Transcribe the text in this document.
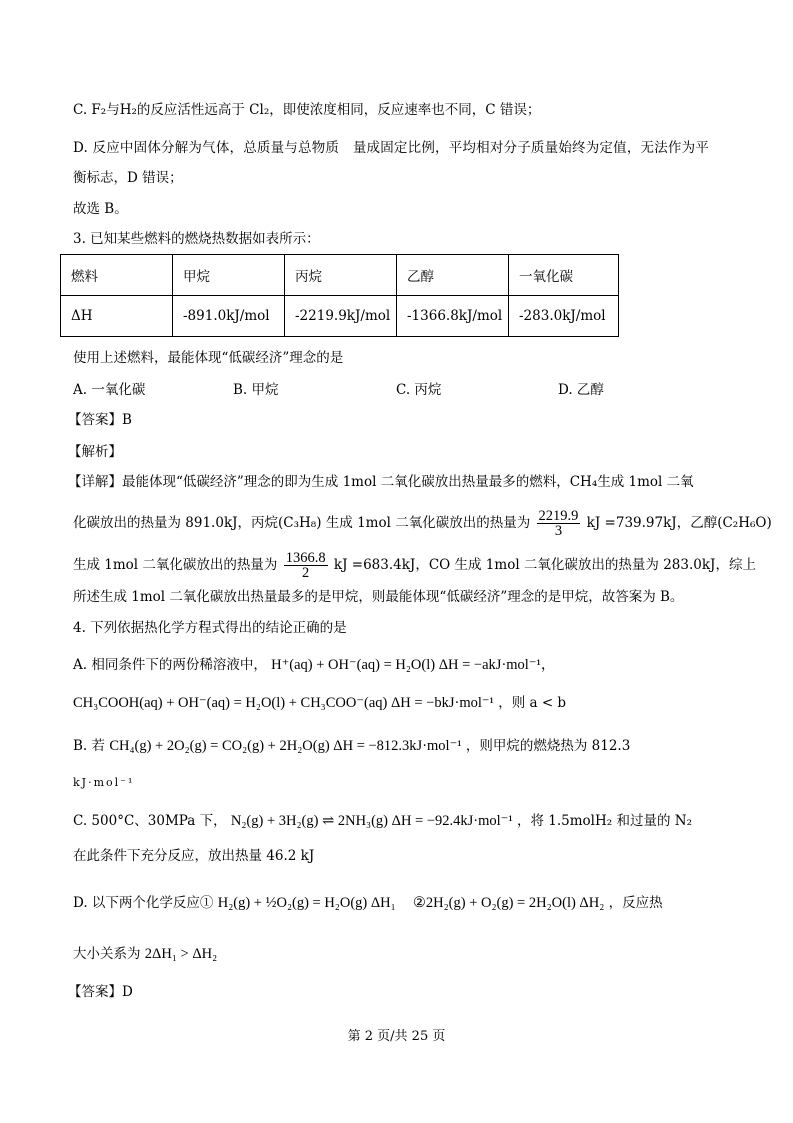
C. F₂与H₂的反应活性远高于 Cl₂，即使浓度相同，反应速率也不同，C 错误；
D. 反应中固体分解为气体，总质量与总物质　量成固定比例，平均相对分子质量始终为定值，无法作为平
衡标志，D 错误；
故选 B。
3. 已知某些燃料的燃烧热数据如表所示：
燃料	甲烷	丙烷	乙醇	一氧化碳
ΔH	-891.0kJ/mol	-2219.9kJ/mol	-1366.8kJ/mol	-283.0kJ/mol
使用上述燃料，最能体现“低碳经济”理念的是
A. 一氧化碳	B. 甲烷	C. 丙烷	D. 乙醇
【答案】B
【解析】
【详解】最能体现“低碳经济”理念的即为生成 1mol 二氧化碳放出热量最多的燃料，CH₄生成 1mol 二氧
化碳放出的热量为 891.0kJ，丙烷(C₃H₈) 生成 1mol 二氧化碳放出的热量为 $\frac{2219.9}{3}$ kJ =739.97kJ，乙醇(C₂H₆O)
生成 1mol 二氧化碳放出的热量为 $\frac{1366.8}{2}$ kJ =683.4kJ，CO 生成 1mol 二氧化碳放出的热量为 283.0kJ，综上
所述生成 1mol 二氧化碳放出热量最多的是甲烷，则最能体现“低碳经济”理念的是甲烷，故答案为 B。
4. 下列依据热化学方程式得出的结论正确的是
A. 相同条件下的两份稀溶液中， H⁺(aq) + OH⁻(aq) = H₂O(l) ΔH = −akJ·mol⁻¹，
CH₃COOH(aq) + OH⁻(aq) = H₂O(l) + CH₃COO⁻(aq) ΔH = −bkJ·mol⁻¹ ，则 a < b
B. 若 CH₄(g) + 2O₂(g) = CO₂(g) + 2H₂O(g) ΔH = −812.3kJ·mol⁻¹ ，则甲烷的燃烧热为 812.3
kJ·mol⁻¹
C. 500°C、30MPa 下， N₂(g) + 3H₂(g) ⇌ 2NH₃(g) ΔH = −92.4kJ·mol⁻¹ ，将 1.5molH₂ 和过量的 N₂
在此条件下充分反应，放出热量 46.2 kJ
D. 以下两个化学反应① H₂(g) + ½O₂(g) = H₂O(g) ΔH₁ ②2H₂(g) + O₂(g) = 2H₂O(l) ΔH₂ ，反应热
大小关系为 2ΔH₁ > ΔH₂
【答案】D
第 2 页/共 25 页
